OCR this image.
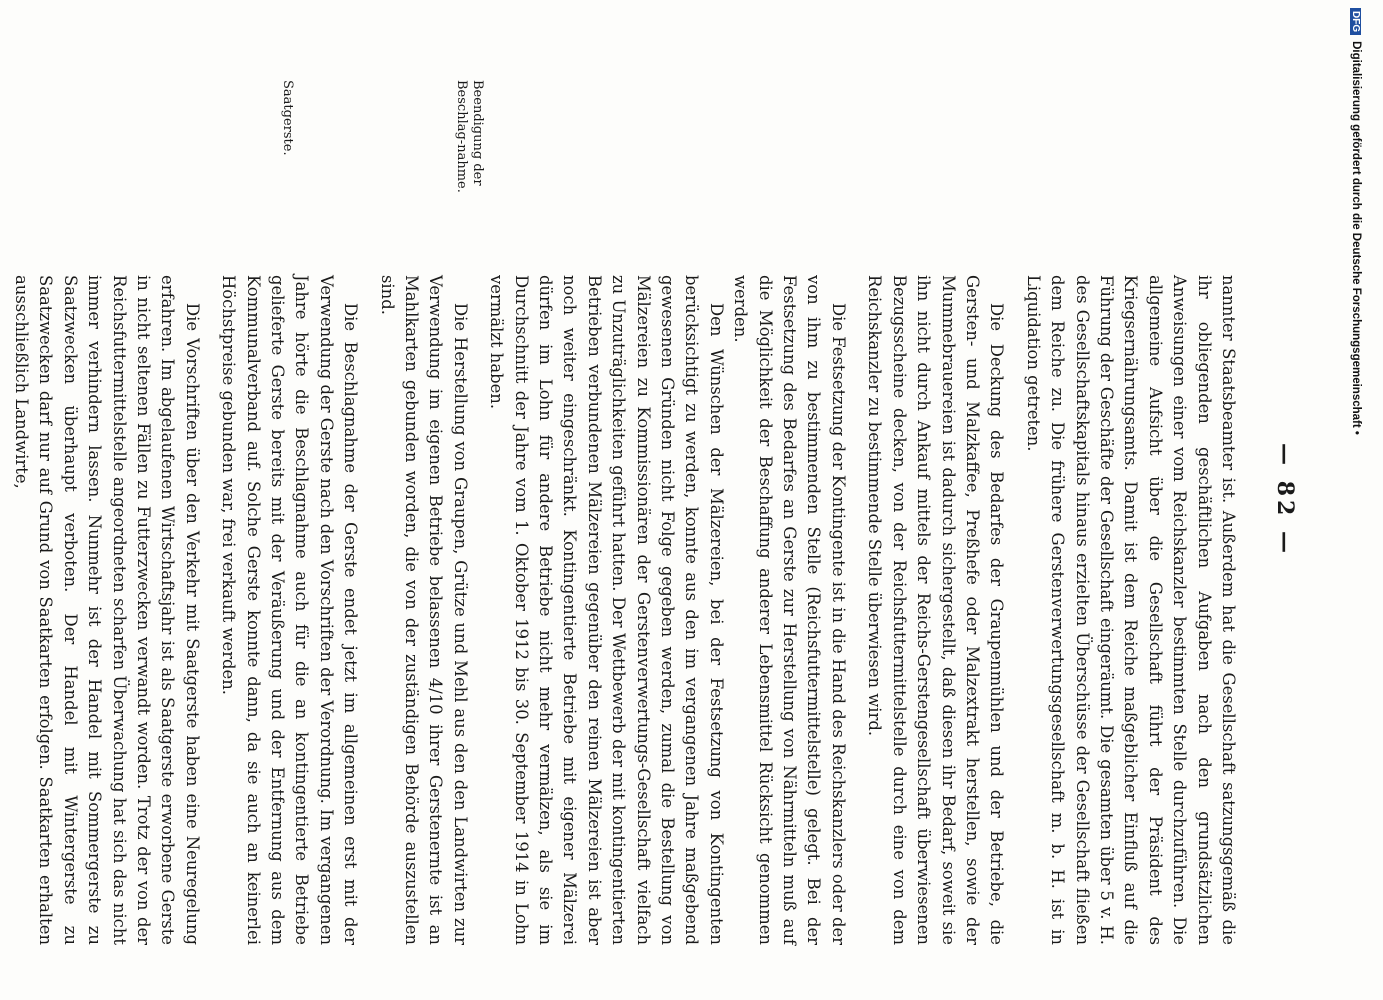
— 82 —
Beendigung der Beschlag-nahme.
Saatgerste.

nannter Staatsbeamter ist. Außerdem hat die Gesellschaft satzungsgemäß die ihr obliegenden geschäftlichen Aufgaben nach den grundsätzlichen Anweisungen einer vom Reichskanzler bestimmten Stelle durchzuführen. Die allgemeine Aufsicht über die Gesellschaft führt der Präsident des Kriegsernährungsamts. Damit ist dem Reiche maßgeblicher Einfluß auf die Führung der Geschäfte der Gesellschaft eingeräumt. Die gesamten über 5 v. H. des Gesellschaftskapitals hinaus erzielten Überschüsse der Gesellschaft fließen dem Reiche zu. Die frühere Gerstenverwertungsgesellschaft m. b. H. ist in Liquidation getreten.

Die Deckung des Bedarfes der Graupenmühlen und der Betriebe, die Gersten- und Malzkaffee, Preßhefe oder Malzextrakt herstellen, sowie der Mummebrauereien ist dadurch sichergestellt, daß diesen ihr Bedarf, soweit sie ihn nicht durch Ankauf mittels der Reichs-Gerstengesellschaft überwiesenen Bezugsscheine decken, von der Reichsfuttermittelstelle durch eine von dem Reichskanzler zu bestimmende Stelle überwiesen wird.

Die Festsetzung der Kontingente ist in die Hand des Reichskanzlers oder der von ihm zu bestimmenden Stelle (Reichsfuttermittelstelle) gelegt. Bei der Festsetzung des Bedarfes an Gerste zur Herstellung von Nährmitteln muß auf die Möglichkeit der Beschaffung anderer Lebensmittel Rücksicht genommen werden.

Den Wünschen der Mälzereien, bei der Festsetzung von Kontingenten berücksichtigt zu werden, konnte aus den im vergangenen Jahre maßgebend gewesenen Gründen nicht Folge gegeben werden, zumal die Bestellung von Mälzereien zu Kommissionären der Gerstenverwertungs-Gesellschaft vielfach zu Unzuträglichkeiten geführt hatten. Der Wettbewerb der mit kontingentierten Betrieben verbundenen Mälzereien gegenüber den reinen Mälzereien ist aber noch weiter eingeschränkt. Kontingentierte Betriebe mit eigener Mälzerei dürfen im Lohn für andere Betriebe nicht mehr vermälzen, als sie im Durchschnitt der Jahre vom 1. Oktober 1912 bis 30. September 1914 in Lohn vermälzt haben.

Die Herstellung von Graupen, Grütze und Mehl aus den den Landwirten zur Verwendung im eigenen Betriebe belassenen 4/10 ihrer Gerstenernte ist an Mahlkarten gebunden worden, die von der zuständigen Behörde auszustellen sind.

Die Beschlagnahme der Gerste endet jetzt im allgemeinen erst mit der Verwendung der Gerste nach den Vorschriften der Verordnung. Im vergangenen Jahre hörte die Beschlagnahme auch für die an kontingentierte Betriebe gelieferte Gerste bereits mit der Veräußerung und der Entfernung aus dem Kommunalverband auf. Solche Gerste konnte dann, da sie auch an keinerlei Höchstpreise gebunden war, frei verkauft werden.

Die Vorschriften über den Verkehr mit Saatgerste haben eine Neuregelung erfahren. Im abgelaufenen Wirtschaftsjahr ist als Saatgerste erworbene Gerste in nicht seltenen Fällen zu Futterzwecken verwandt worden. Trotz der von der Reichsfuttermittelstelle angeordneten scharfen Überwachung hat sich das nicht immer verhindern lassen. Nunmehr ist der Handel mit Sommergerste zu Saatzwecken überhaupt verboten. Der Handel mit Wintergerste zu Saatzwecken darf nur auf Grund von Saatkarten erfolgen. Saatkarten erhalten ausschließlich Landwirte,

DFGDigitalisierung gefördert durch die Deutsche Forschungsgemeinschaft •
